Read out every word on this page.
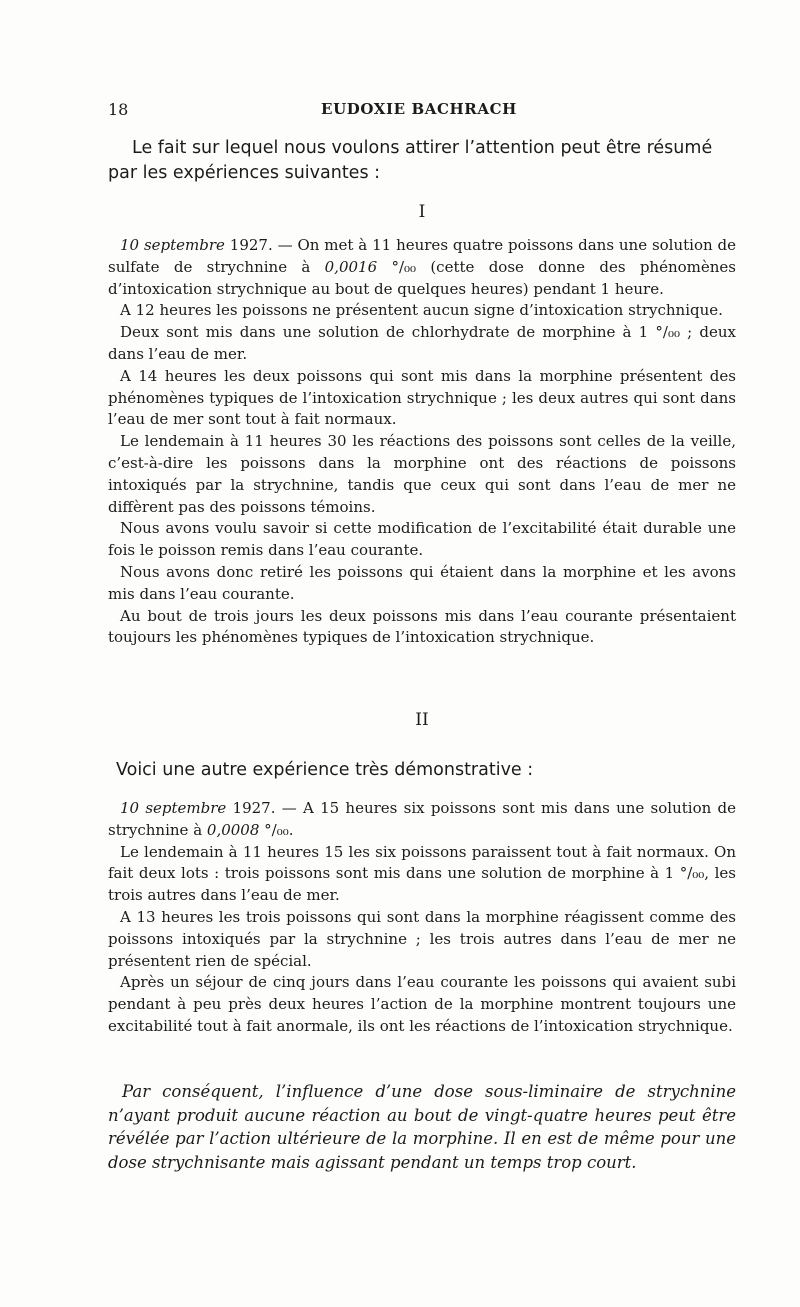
18	EUDOXIE BACHRACH

Le fait sur lequel nous voulons attirer l’attention peut être résumé par les expériences suivantes :

I

10 septembre 1927. — On met à 11 heures quatre poissons dans une solution de sulfate de strychnine à 0,0016 °/₀₀ (cette dose donne des phénomènes d’intoxication strychnique au bout de quelques heures) pendant 1 heure.

A 12 heures les poissons ne présentent aucun signe d’intoxication strychnique.

Deux sont mis dans une solution de chlorhydrate de morphine à 1 °/₀₀ ; deux dans l’eau de mer.

A 14 heures les deux poissons qui sont mis dans la morphine présentent des phénomènes typiques de l’intoxication strychnique ; les deux autres qui sont dans l’eau de mer sont tout à fait normaux.

Le lendemain à 11 heures 30 les réactions des poissons sont celles de la veille, c’est-à-dire les poissons dans la morphine ont des réactions de poissons intoxiqués par la strychnine, tandis que ceux qui sont dans l’eau de mer ne diffèrent pas des poissons témoins.

Nous avons voulu savoir si cette modification de l’excitabilité était durable une fois le poisson remis dans l’eau courante.

Nous avons donc retiré les poissons qui étaient dans la morphine et les avons mis dans l’eau courante.

Au bout de trois jours les deux poissons mis dans l’eau courante présentaient toujours les phénomènes typiques de l’intoxication strychnique.

II

Voici une autre expérience très démonstrative :

10 septembre 1927. — A 15 heures six poissons sont mis dans une solution de strychnine à 0,0008 °/₀₀.

Le lendemain à 11 heures 15 les six poissons paraissent tout à fait normaux. On fait deux lots : trois poissons sont mis dans une solution de morphine à 1 °/₀₀, les trois autres dans l’eau de mer.

A 13 heures les trois poissons qui sont dans la morphine réagissent comme des poissons intoxiqués par la strychnine ; les trois autres dans l’eau de mer ne présentent rien de spécial.

Après un séjour de cinq jours dans l’eau courante les poissons qui avaient subi pendant à peu près deux heures l’action de la morphine montrent toujours une excitabilité tout à fait anormale, ils ont les réactions de l’intoxication strychnique.

Par conséquent, l’influence d’une dose sous-liminaire de strychnine n’ayant produit aucune réaction au bout de vingt-quatre heures peut être révélée par l’action ultérieure de la morphine. Il en est de même pour une dose strychnisante mais agissant pendant un temps trop court.
